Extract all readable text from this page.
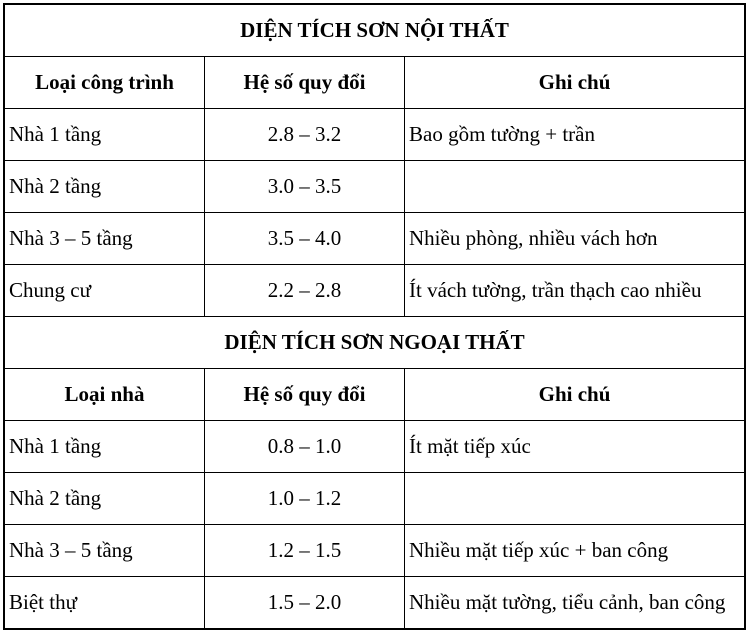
DIỆN TÍCH SƠN NỘI THẤT		
Loại công trình	Hệ số quy đổi	Ghi chú
Nhà 1 tầng	2.8 – 3.2	Bao gồm tường + trần
Nhà 2 tầng	3.0 – 3.5	
Nhà 3 – 5 tầng	3.5 – 4.0	Nhiều phòng, nhiều vách hơn
Chung cư	2.2 – 2.8	Ít vách tường, trần thạch cao nhiều
DIỆN TÍCH SƠN NGOẠI THẤT		
Loại nhà	Hệ số quy đổi	Ghi chú
Nhà 1 tầng	0.8 – 1.0	Ít mặt tiếp xúc
Nhà 2 tầng	1.0 – 1.2	
Nhà 3 – 5 tầng	1.2 – 1.5	Nhiều mặt tiếp xúc + ban công
Biệt thự	1.5 – 2.0	Nhiều mặt tường, tiểu cảnh, ban công
